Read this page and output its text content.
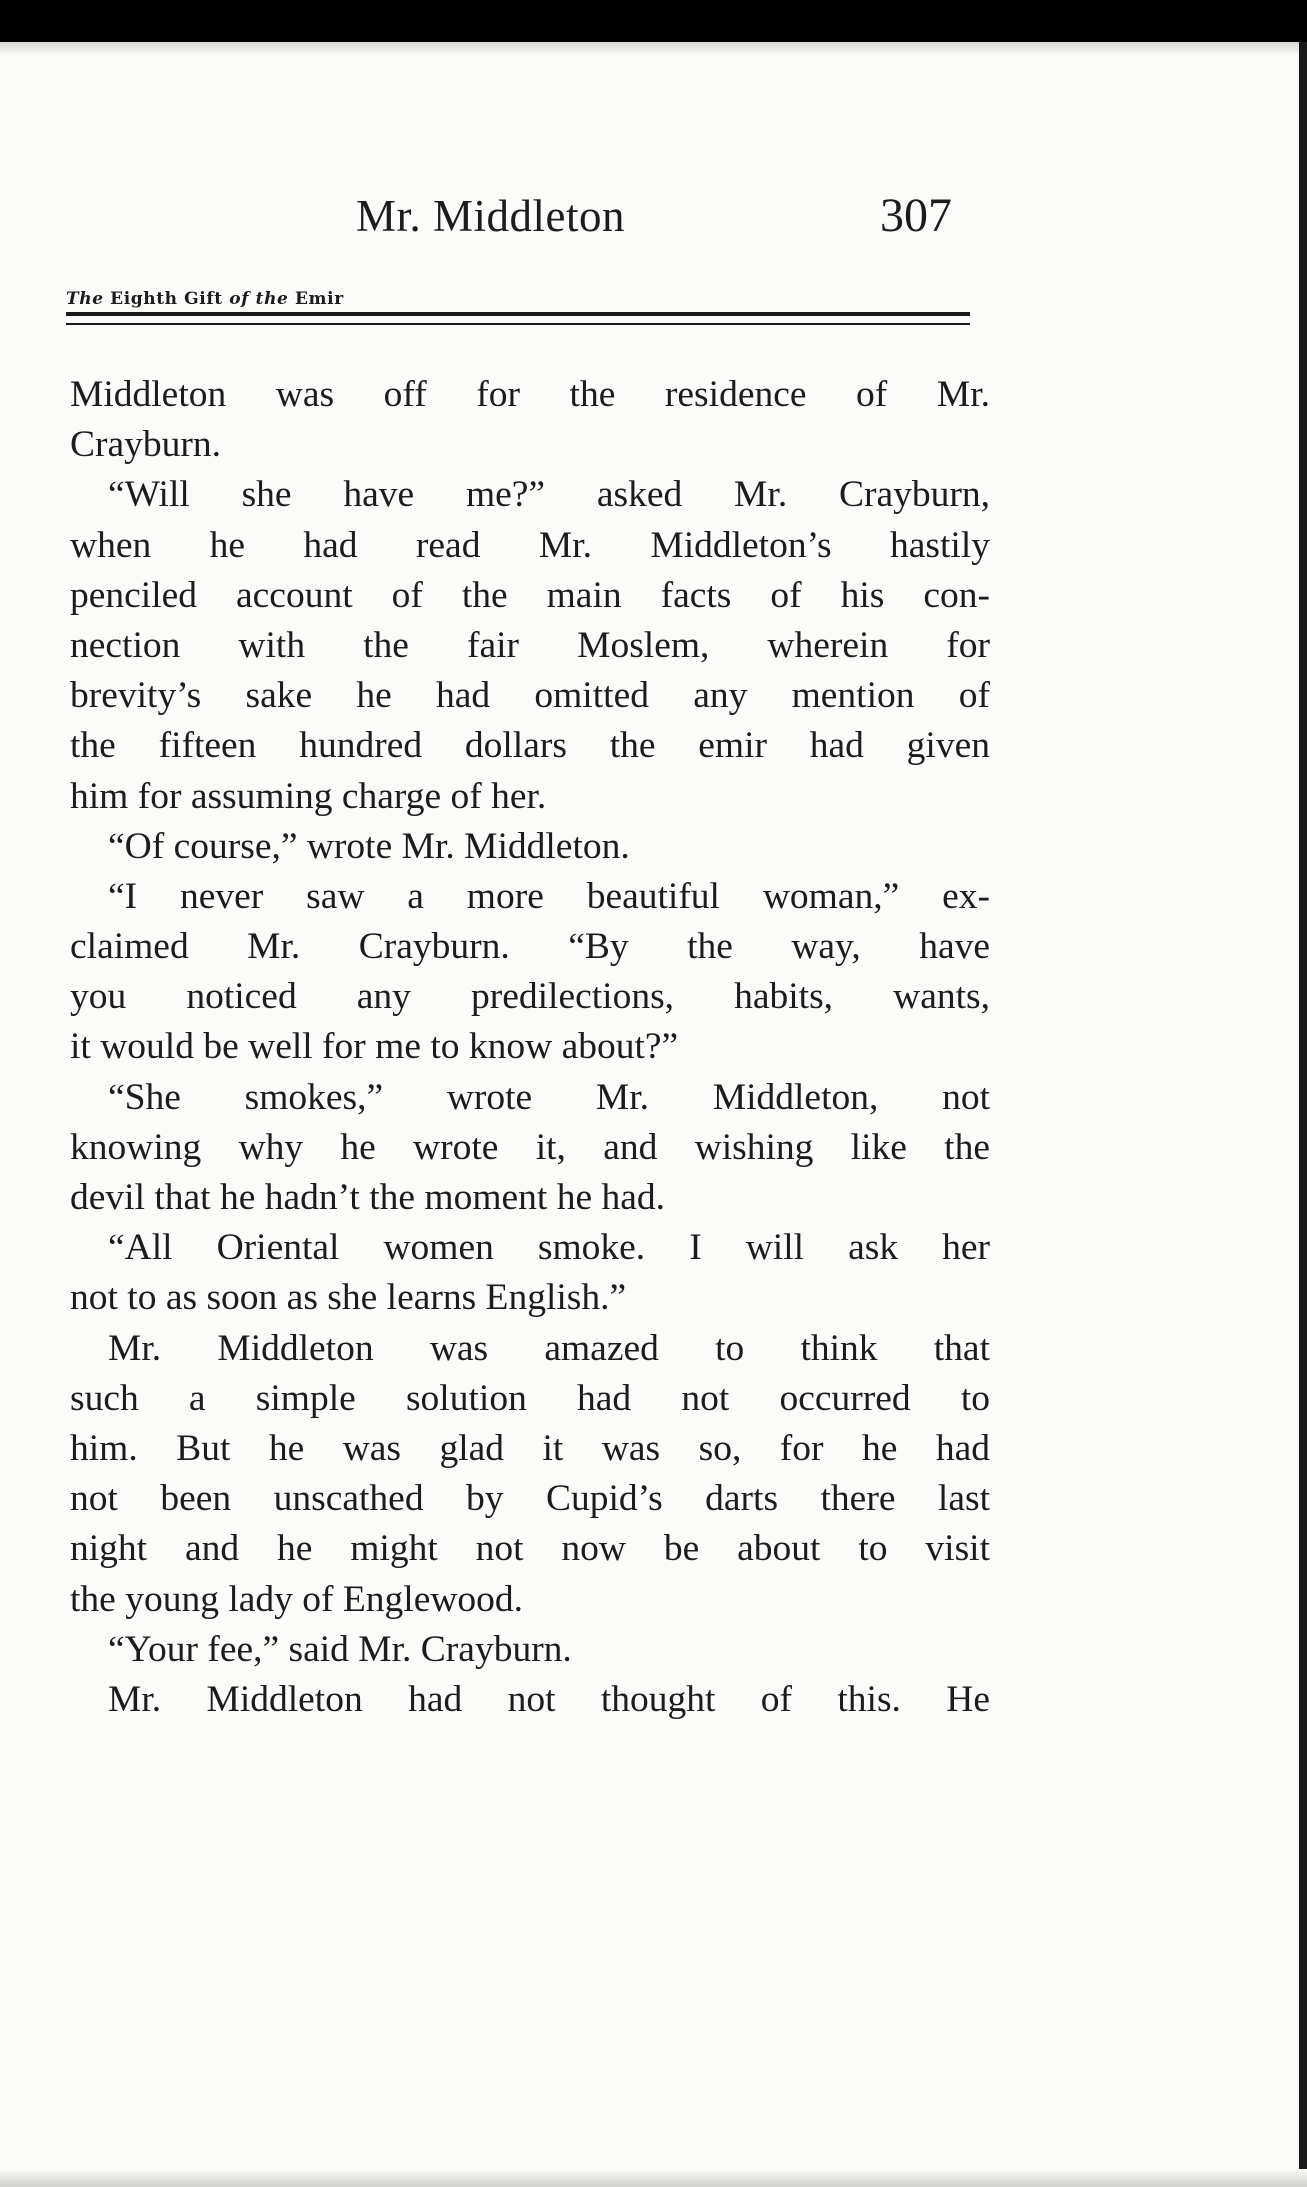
Mr. Middleton	307
The Eighth Gift of the Emir
Middleton was off for the residence of Mr.
Crayburn.
“Will she have me?” asked Mr. Crayburn,
when he had read Mr. Middleton’s hastily
penciled account of the main facts of his con-
nection with the fair Moslem, wherein for
brevity’s sake he had omitted any mention of
the fifteen hundred dollars the emir had given
him for assuming charge of her.
“Of course,” wrote Mr. Middleton.
“I never saw a more beautiful woman,” ex-
claimed Mr. Crayburn. “By the way, have
you noticed any predilections, habits, wants,
it would be well for me to know about?”
“She smokes,” wrote Mr. Middleton, not
knowing why he wrote it, and wishing like the
devil that he hadn’t the moment he had.
“All Oriental women smoke. I will ask her
not to as soon as she learns English.”
Mr. Middleton was amazed to think that
such a simple solution had not occurred to
him. But he was glad it was so, for he had
not been unscathed by Cupid’s darts there last
night and he might not now be about to visit
the young lady of Englewood.
“Your fee,” said Mr. Crayburn.
Mr. Middleton had not thought of this. He
